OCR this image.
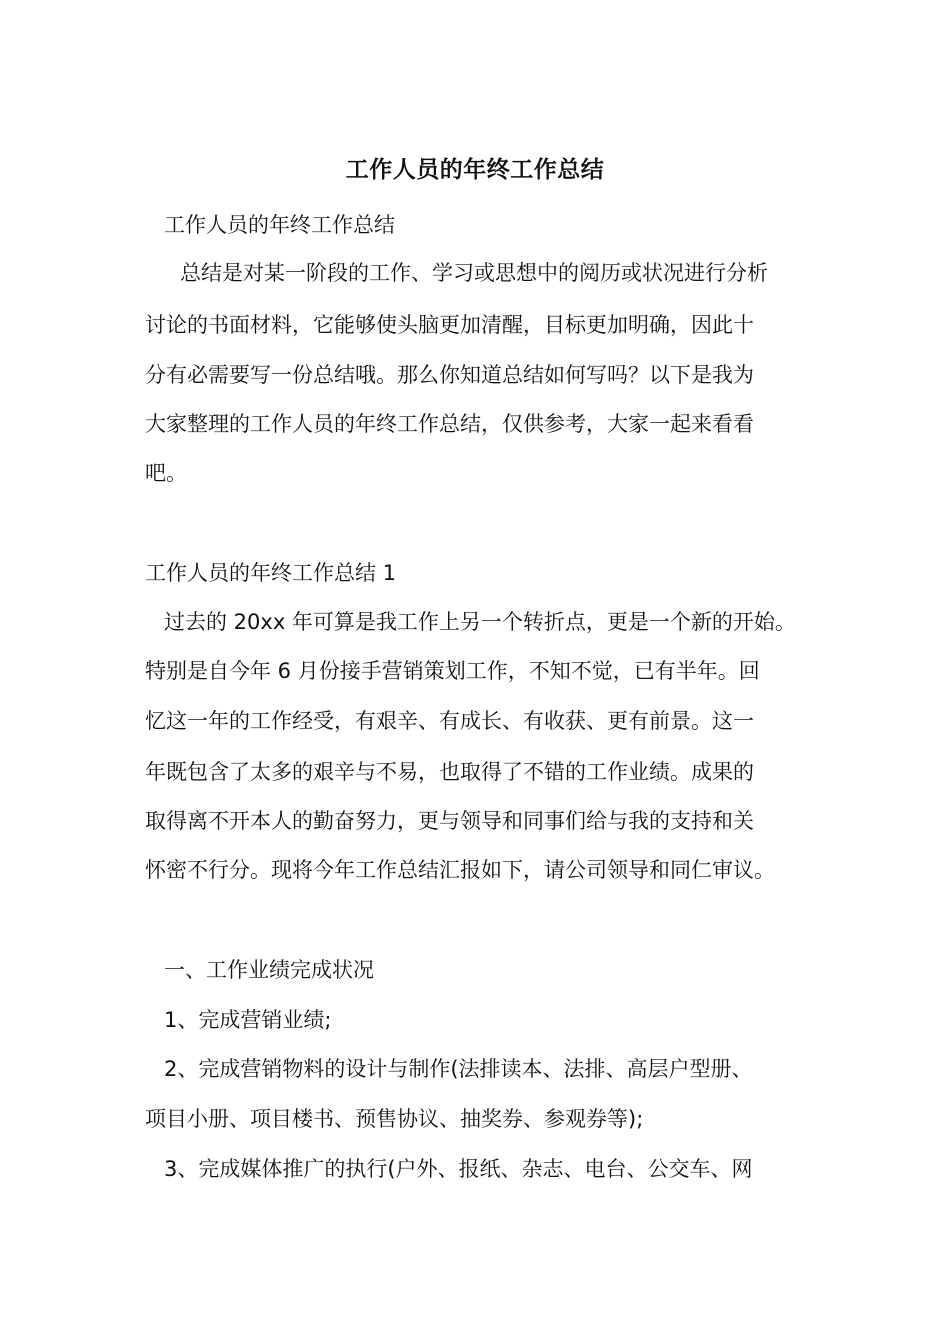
工作人员的年终工作总结

工作人员的年终工作总结

总结是对某一阶段的工作、学习或思想中的阅历或状况进行分析

讨论的书面材料，它能够使头脑更加清醒，目标更加明确，因此十

分有必需要写一份总结哦。那么你知道总结如何写吗？以下是我为

大家整理的工作人员的年终工作总结，仅供参考，大家一起来看看

吧。

工作人员的年终工作总结 1

过去的 20xx 年可算是我工作上另一个转折点，更是一个新的开始。

特别是自今年 6 月份接手营销策划工作，不知不觉，已有半年。回

忆这一年的工作经受，有艰辛、有成长、有收获、更有前景。这一

年既包含了太多的艰辛与不易，也取得了不错的工作业绩。成果的

取得离不开本人的勤奋努力，更与领导和同事们给与我的支持和关

怀密不行分。现将今年工作总结汇报如下，请公司领导和同仁审议。

一、工作业绩完成状况

1、完成营销业绩;

2、完成营销物料的设计与制作(法排读本、法排、高层户型册、

项目小册、项目楼书、预售协议、抽奖券、参观券等);

3、完成媒体推广的执行(户外、报纸、杂志、电台、公交车、网
